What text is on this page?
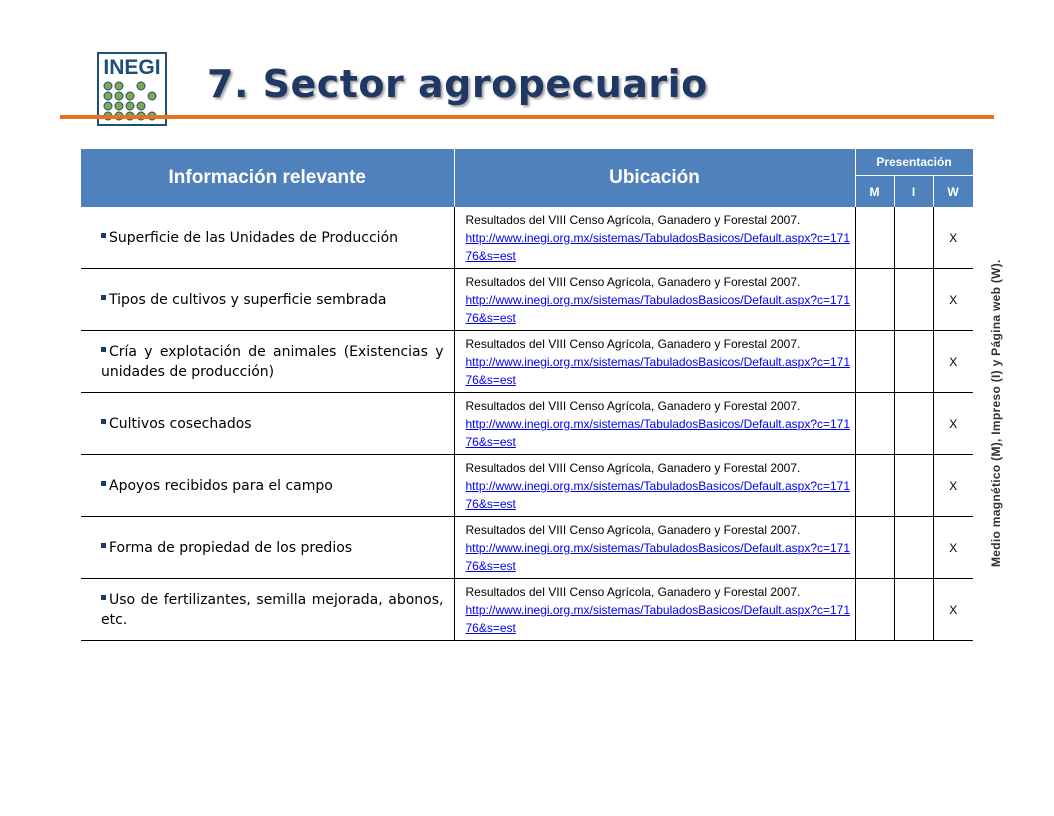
INEGI 7. Sector agropecuario
Información relevante	Ubicación	Presentación		
		M	I	W
Superficie de las Unidades de Producción	Resultados del VIII Censo Agrícola, Ganadero y Forestal 2007.
http://www.inegi.org.mx/sistemas/TabuladosBasicos/Default.aspx?c=17176&s=est			X
Tipos de cultivos y superficie sembrada	Resultados del VIII Censo Agrícola, Ganadero y Forestal 2007.
http://www.inegi.org.mx/sistemas/TabuladosBasicos/Default.aspx?c=17176&s=est			X
Cría y explotación de animales (Existencias y unidades de producción)	Resultados del VIII Censo Agrícola, Ganadero y Forestal 2007.
http://www.inegi.org.mx/sistemas/TabuladosBasicos/Default.aspx?c=17176&s=est			X
Cultivos cosechados	Resultados del VIII Censo Agrícola, Ganadero y Forestal 2007.
http://www.inegi.org.mx/sistemas/TabuladosBasicos/Default.aspx?c=17176&s=est			X
Apoyos recibidos para el campo	Resultados del VIII Censo Agrícola, Ganadero y Forestal 2007.
http://www.inegi.org.mx/sistemas/TabuladosBasicos/Default.aspx?c=17176&s=est			X
Forma de propiedad de los predios	Resultados del VIII Censo Agrícola, Ganadero y Forestal 2007.
http://www.inegi.org.mx/sistemas/TabuladosBasicos/Default.aspx?c=17176&s=est			X
Uso de fertilizantes, semilla mejorada, abonos, etc.	Resultados del VIII Censo Agrícola, Ganadero y Forestal 2007.
http://www.inegi.org.mx/sistemas/TabuladosBasicos/Default.aspx?c=17176&s=est			X
Medio magnético (M), Impreso (I) y Página web (W).
